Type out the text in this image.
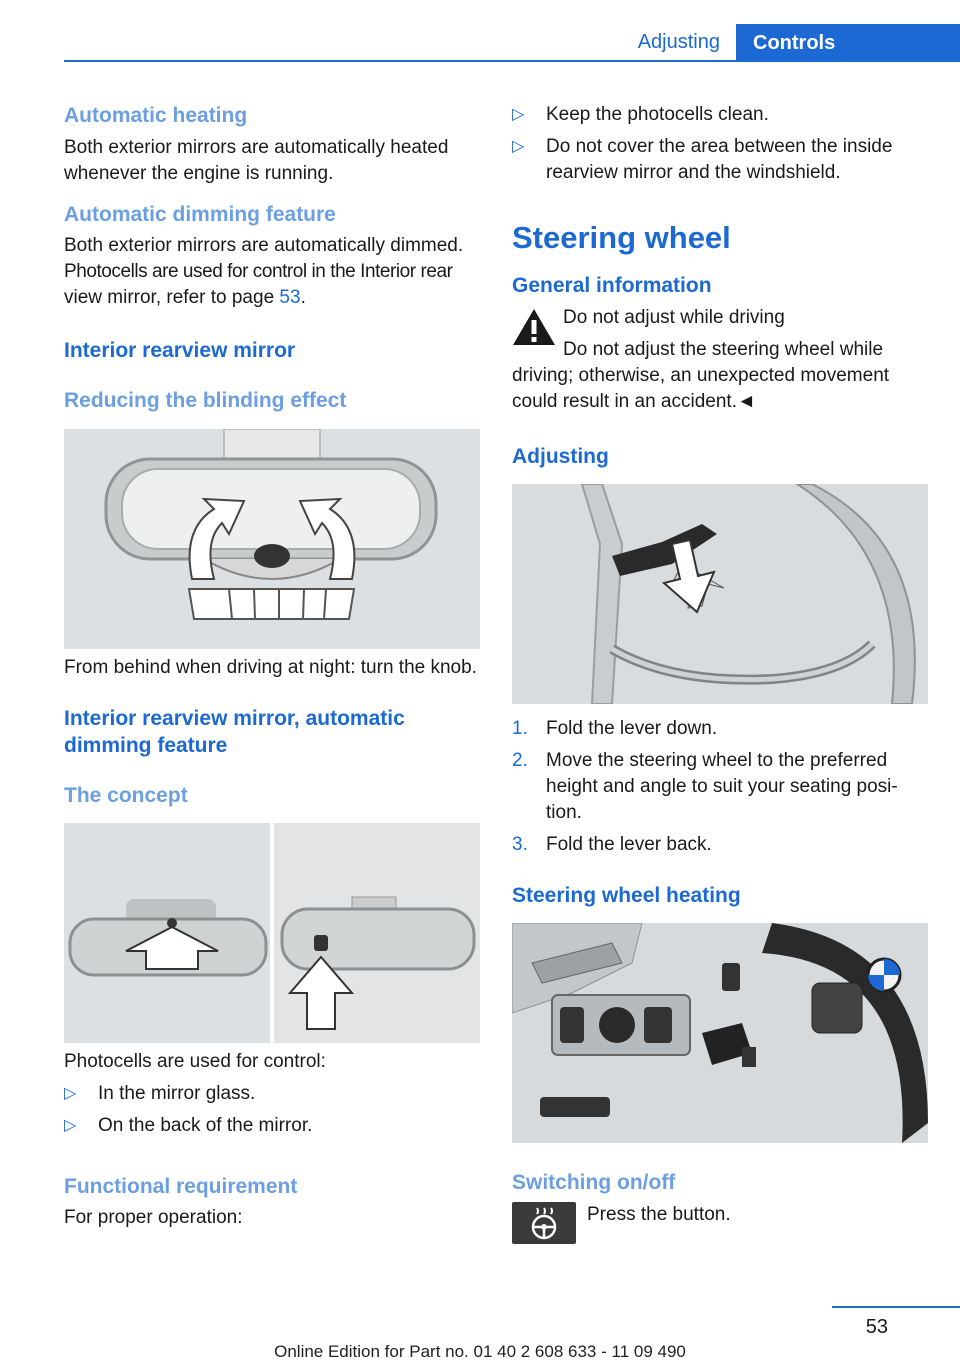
Adjusting	Controls
Automatic heating
Both exterior mirrors are automatically heated whenever the engine is running.
Automatic dimming feature
Both exterior mirrors are automatically dimmed.
Photocells are used for control in the Interior rear
view mirror, refer to page 53.
Interior rearview mirror
Reducing the blinding effect
From behind when driving at night: turn the knob.
Interior rearview mirror, automatic dimming feature
The concept
Photocells are used for control:
▷	In the mirror glass.
▷	On the back of the mirror.
Functional requirement
For proper operation:
▷	Keep the photocells clean.
▷	Do not cover the area between the inside rearview mirror and the windshield.
Steering wheel
General information
Do not adjust while driving
Do not adjust the steering wheel while
driving; otherwise, an unexpected movement could result in an accident.◄
Adjusting
1. Fold the lever down.
2. Move the steering wheel to the preferred height and angle to suit your seating posi‐tion.
3. Fold the lever back.
Steering wheel heating
Switching on/off
Press the button.
53
Online Edition for Part no. 01 40 2 608 633 - 11 09 490
